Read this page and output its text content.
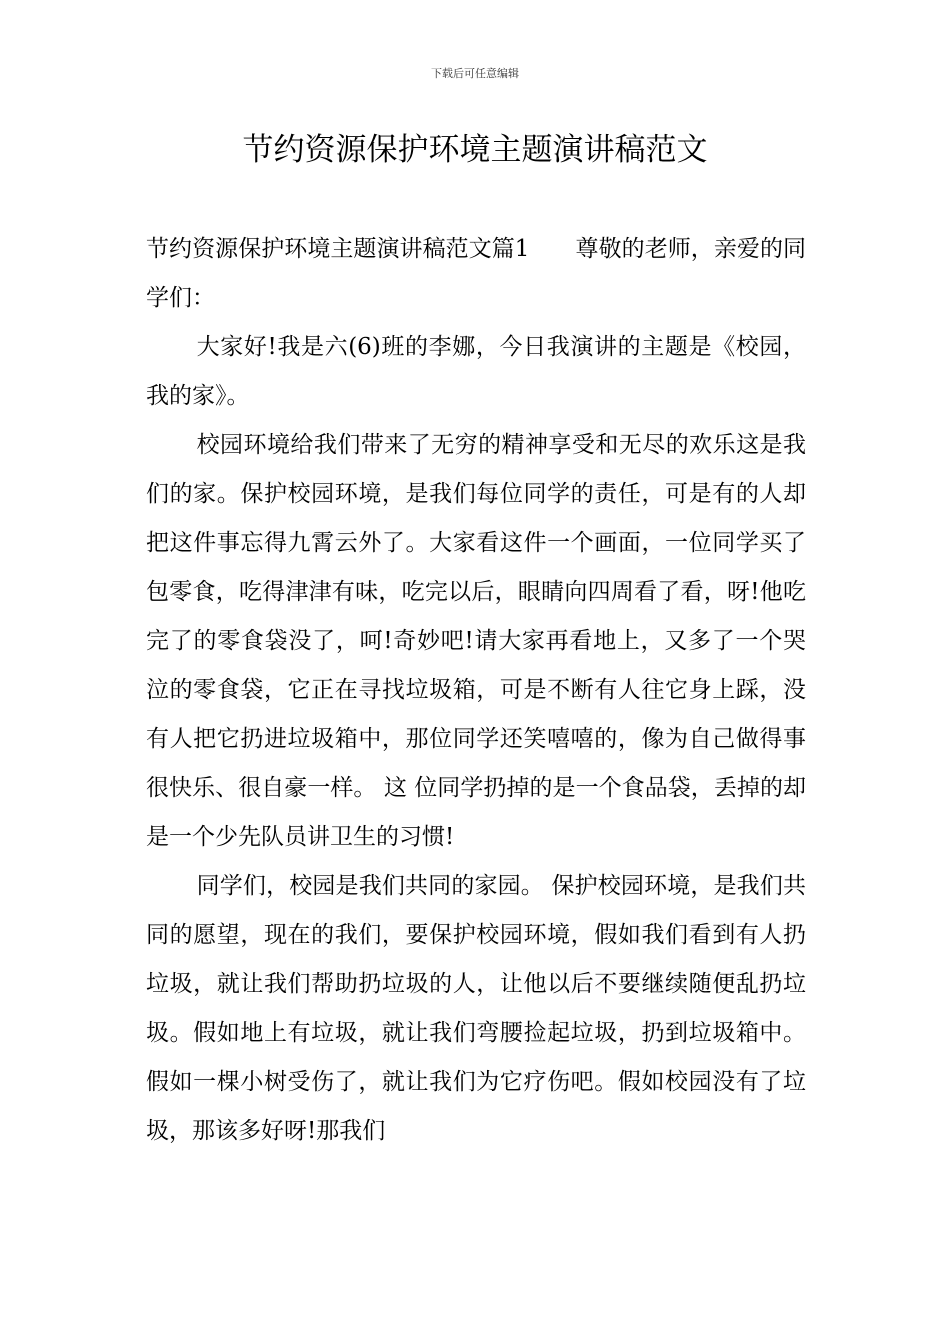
下载后可任意编辑
节约资源保护环境主题演讲稿范文

节约资源保护环境主题演讲稿范文篇1　　尊敬的老师，亲爱的同学们：

大家好!我是六(6)班的李娜，今日我演讲的主题是《校园，我的家》。

校园环境给我们带来了无穷的精神享受和无尽的欢乐这是我们的家。保护校园环境，是我们每位同学的责任，可是有的人却把这件事忘得九霄云外了。大家看这件一个画面，一位同学买了包零食，吃得津津有味，吃完以后，眼睛向四周看了看，呀!他吃完了的零食袋没了，呵!奇妙吧!请大家再看地上，又多了一个哭泣的零食袋，它正在寻找垃圾箱，可是不断有人往它身上踩，没有人把它扔进垃圾箱中，那位同学还笑嘻嘻的，像为自己做得事很快乐、很自豪一样。 这 位同学扔掉的是一个食品袋，丢掉的却是一个少先队员讲卫生的习惯!

同学们，校园是我们共同的家园。 保护校园环境，是我们共同的愿望，现在的我们，要保护校园环境，假如我们看到有人扔垃圾，就让我们帮助扔垃圾的人，让他以后不要继续随便乱扔垃圾。假如地上有垃圾，就让我们弯腰捡起垃圾，扔到垃圾箱中。假如一棵小树受伤了，就让我们为它疗伤吧。假如校园没有了垃圾，那该多好呀!那我们
